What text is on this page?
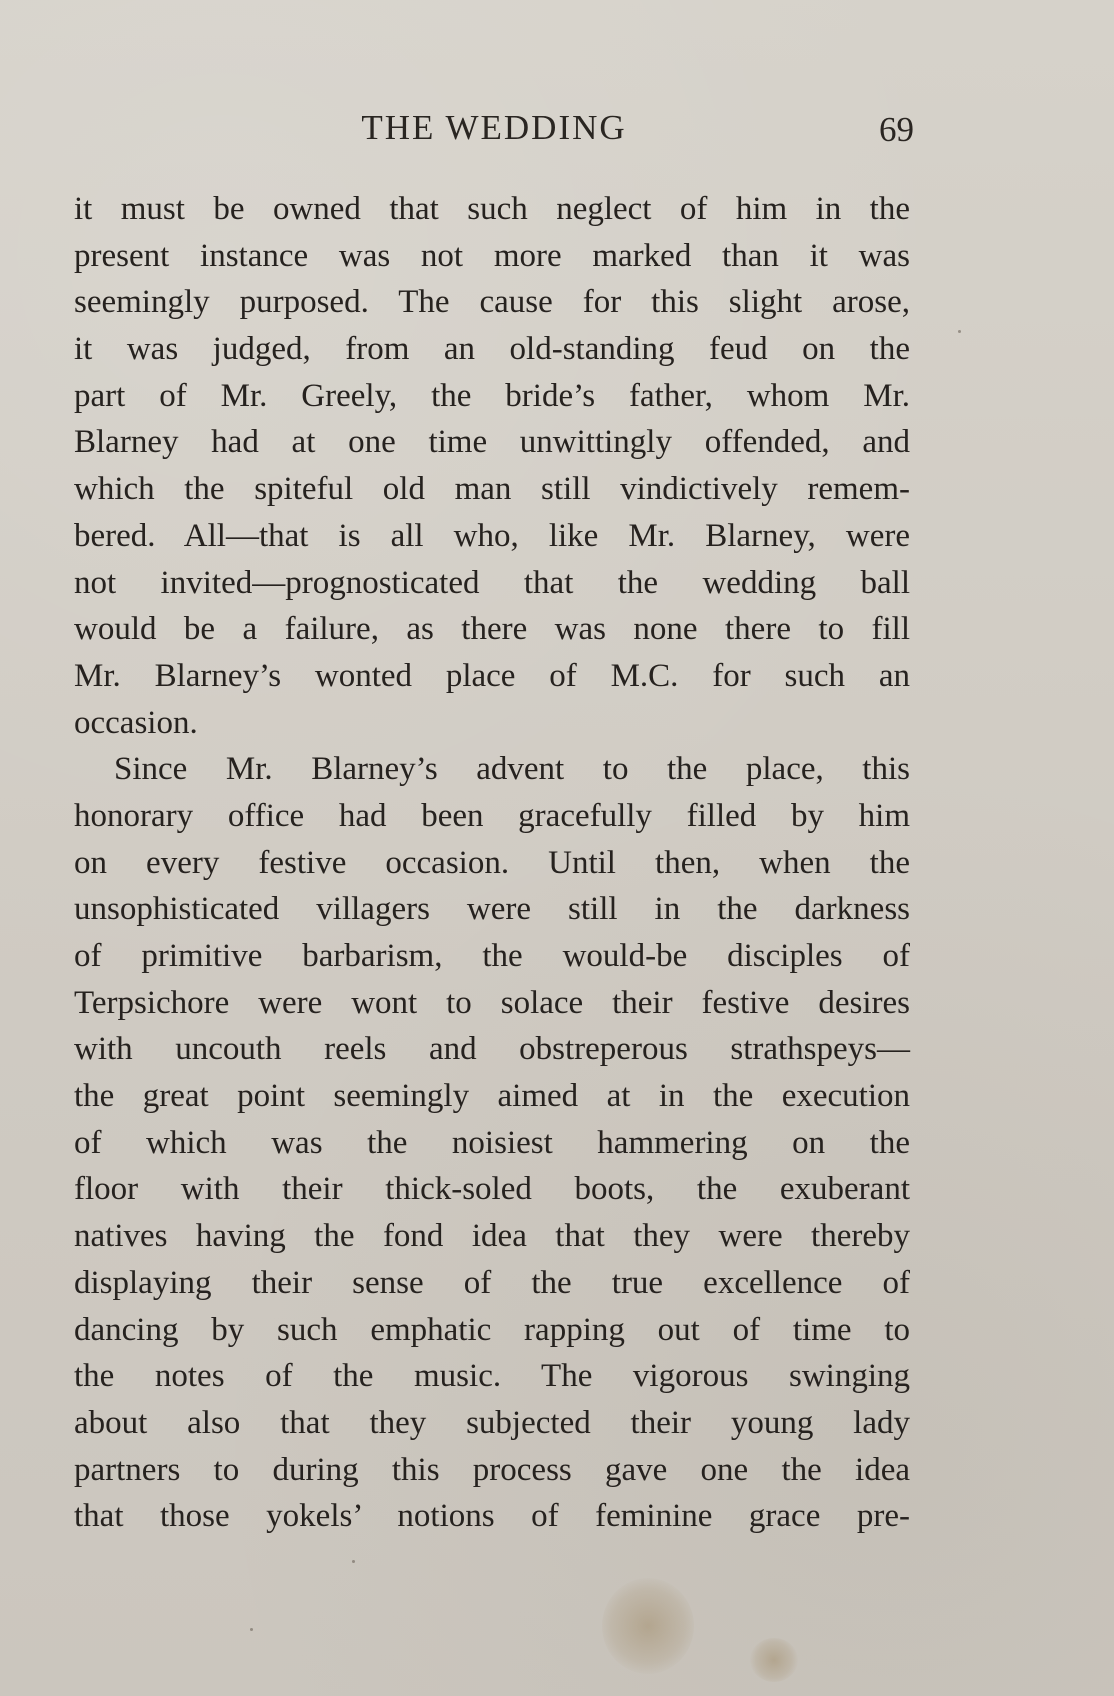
THE WEDDING	69
it must be owned that such neglect of him in the
present instance was not more marked than it was
seemingly purposed. The cause for this slight arose,
it was judged, from an old-standing feud on the
part of Mr. Greely, the bride’s father, whom Mr.
Blarney had at one time unwittingly offended, and
which the spiteful old man still vindictively remem-
bered. All—that is all who, like Mr. Blarney, were
not invited—prognosticated that the wedding ball
would be a failure, as there was none there to fill
Mr. Blarney’s wonted place of M.C. for such an
occasion.
Since Mr. Blarney’s advent to the place, this
honorary office had been gracefully filled by him
on every festive occasion. Until then, when the
unsophisticated villagers were still in the darkness
of primitive barbarism, the would-be disciples of
Terpsichore were wont to solace their festive desires
with uncouth reels and obstreperous strathspeys—
the great point seemingly aimed at in the execution
of which was the noisiest hammering on the
floor with their thick-soled boots, the exuberant
natives having the fond idea that they were thereby
displaying their sense of the true excellence of
dancing by such emphatic rapping out of time to
the notes of the music. The vigorous swinging
about also that they subjected their young lady
partners to during this process gave one the idea
that those yokels’ notions of feminine grace pre-
